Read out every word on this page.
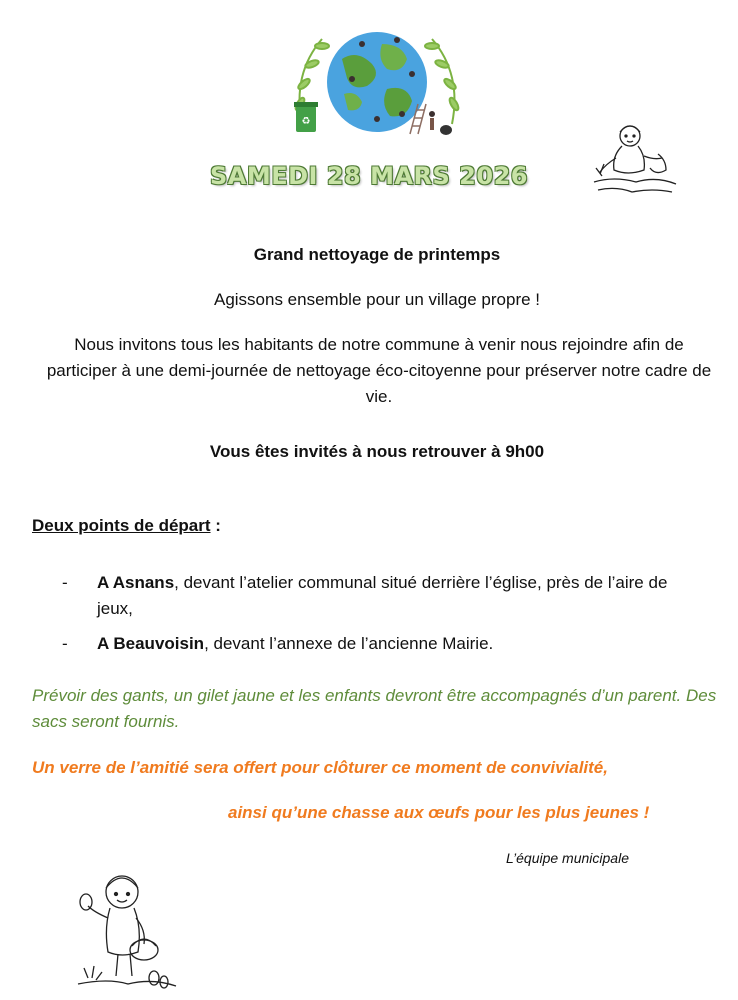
♻
SAMEDI 28 MARS 2026
Grand nettoyage de printemps
Agissons ensemble pour un village propre !
Nous invitons tous les habitants de notre commune à venir nous rejoindre afin de participer à une demi-journée de nettoyage éco-citoyenne pour préserver notre cadre de vie.
Vous êtes invités à nous retrouver à 9h00
Deux points de départ :
- A Asnans, devant l’atelier communal situé derrière l’église, près de l’aire de jeux,
- A Beauvoisin, devant l’annexe de l’ancienne Mairie.
Prévoir des gants, un gilet jaune et les enfants devront être accompagnés d’un parent. Des sacs seront fournis.
Un verre de l’amitié sera offert pour clôturer ce moment de convivialité,
ainsi qu’une chasse aux œufs pour les plus jeunes !
L’équipe municipale
